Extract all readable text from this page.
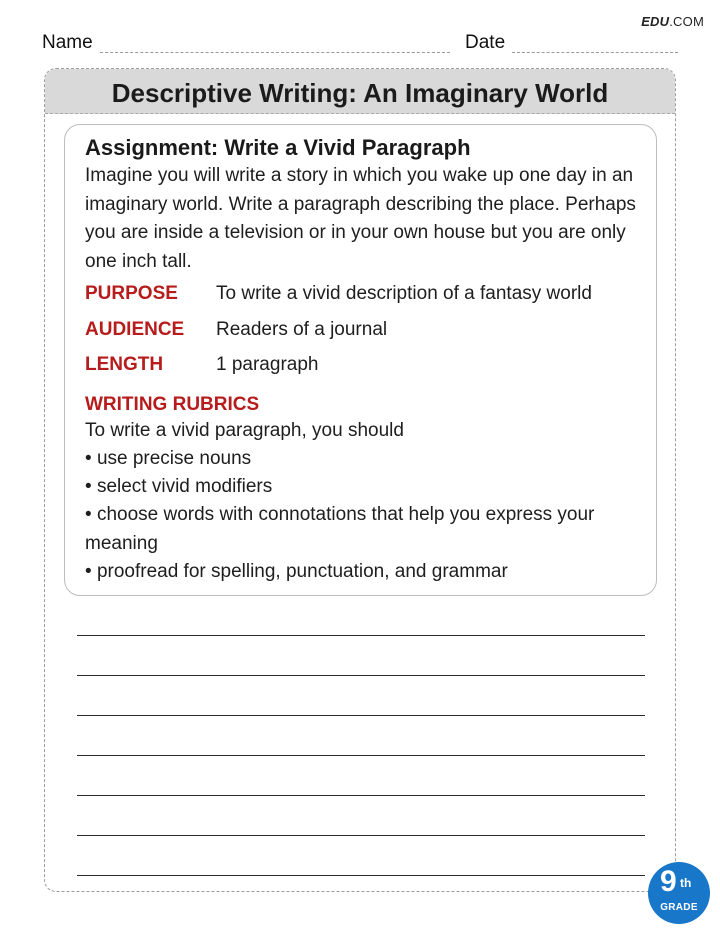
EDU.COM
Name	Date
Descriptive Writing: An Imaginary World
Assignment: Write a Vivid Paragraph
Imagine you will write a story in which you wake up one day in an imaginary world. Write a paragraph describing the place. Perhaps you are inside a television or in your own house but you are only one inch tall.
PURPOSE	To write a vivid description of a fantasy world
AUDIENCE	Readers of a journal
LENGTH	1 paragraph
WRITING RUBRICS
To write a vivid paragraph, you should
• use precise nouns
• select vivid modifiers
• choose words with connotations that help you express your meaning
• proofread for spelling, punctuation, and grammar
9 th
GRADE
